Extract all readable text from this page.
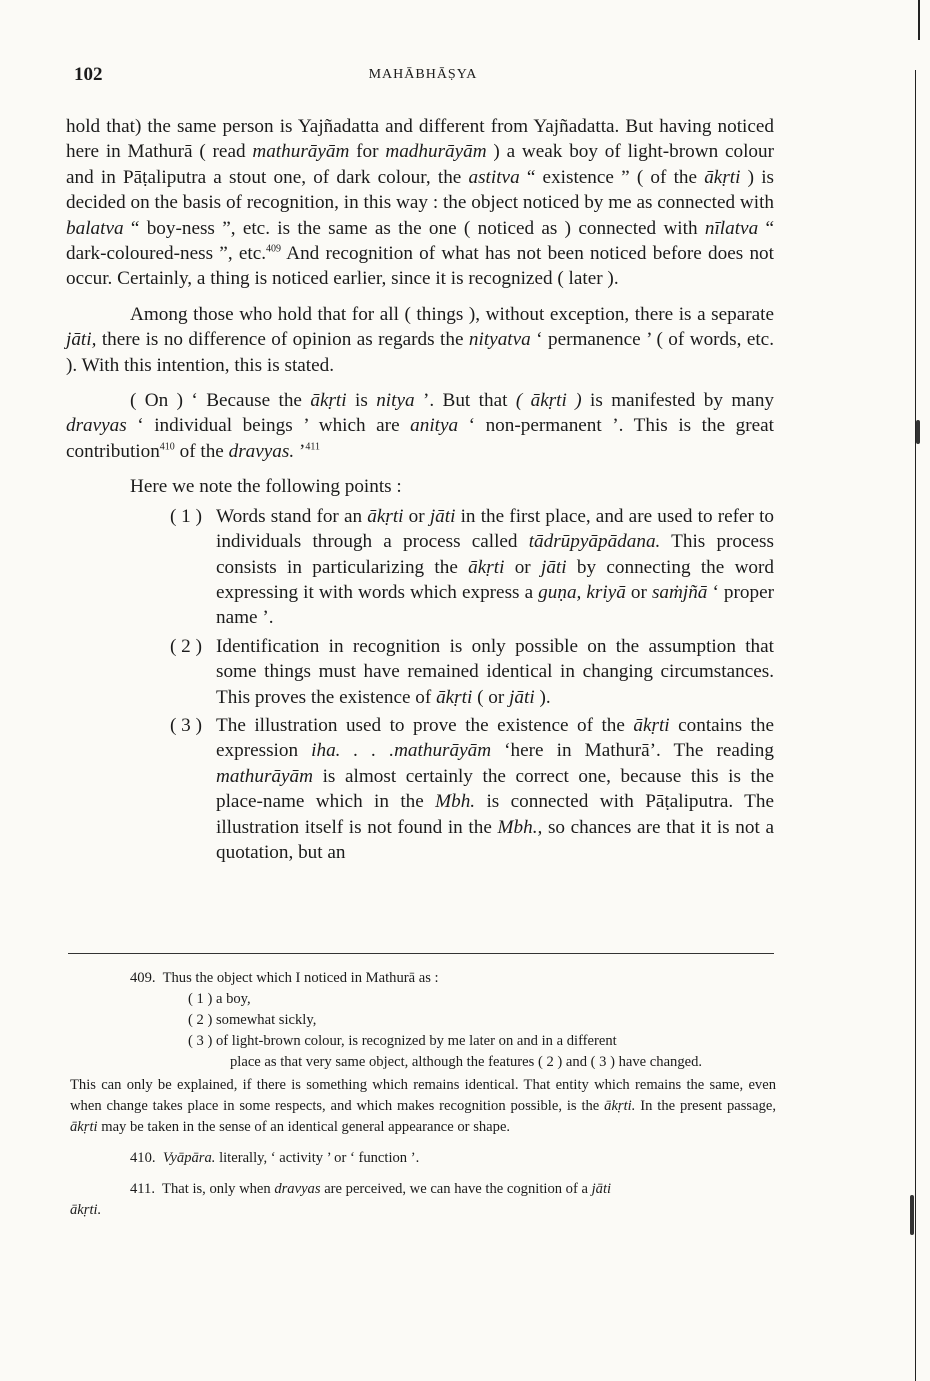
102	MAHĀBHĀṢYA

hold that) the same person is Yajñadatta and different from Yajñadatta. But having noticed here in Mathurā ( read mathurāyām for madhurāyām ) a weak boy of light-brown colour and in Pāṭaliputra a stout one, of dark colour, the astitva “ existence ” ( of the ākṛti ) is decided on the basis of recognition, in this way : the object noticed by me as connected with balatva “ boy-ness ”, etc. is the same as the one ( noticed as ) connected with nīlatva “ dark-coloured-ness ”, etc.$^{409}$ And recognition of what has not been noticed before does not occur. Certainly, a thing is noticed earlier, since it is recognized ( later ).

Among those who hold that for all ( things ), without exception, there is a separate jāti, there is no difference of opinion as regards the nityatva ‘ permanence ’ ( of words, etc. ). With this intention, this is stated.

( On ) ‘ Because the ākṛti is nitya ’. But that ( ākṛti ) is manifested by many dravyas ‘ individual beings ’ which are anitya ‘ non-permanent ’. This is the great contribution$^{410}$ of the dravyas. ’$^{411}$

Here we note the following points :

( 1 ) Words stand for an ākṛti or jāti in the first place, and are used to refer to individuals through a process called tādrūpyāpādana. This process consists in particularizing the ākṛti or jāti by connecting the word expressing it with words which express a guṇa, kriyā or saṁjñā ‘ proper name ’.
( 2 ) Identification in recognition is only possible on the assumption that some things must have remained identical in changing circumstances. This proves the existence of ākṛti ( or jāti ).
( 3 ) The illustration used to prove the existence of the ākṛti contains the expression iha. . . .mathurāyām ‘here in Mathurā’. The reading mathurāyām is almost certainly the correct one, because this is the place-name which in the Mbh. is connected with Pāṭaliputra. The illustration itself is not found in the Mbh., so chances are that it is not a quotation, but an
409. Thus the object which I noticed in Mathurā as :
( 1 ) a boy,
( 2 ) somewhat sickly,
( 3 ) of light-brown colour, is recognized by me later on and in a different
place as that very same object, although the features ( 2 ) and ( 3 ) have changed.
This can only be explained, if there is something which remains identical. That entity which remains the same, even when change takes place in some respects, and which makes recognition possible, is the ākṛti. In the present passage, ākṛti may be taken in the sense of an identical general appearance or shape.
410. Vyāpāra. literally, ‘ activity ’ or ‘ function ’.
411. That is, only when dravyas are perceived, we can have the cognition of a jāti
ākṛti.
